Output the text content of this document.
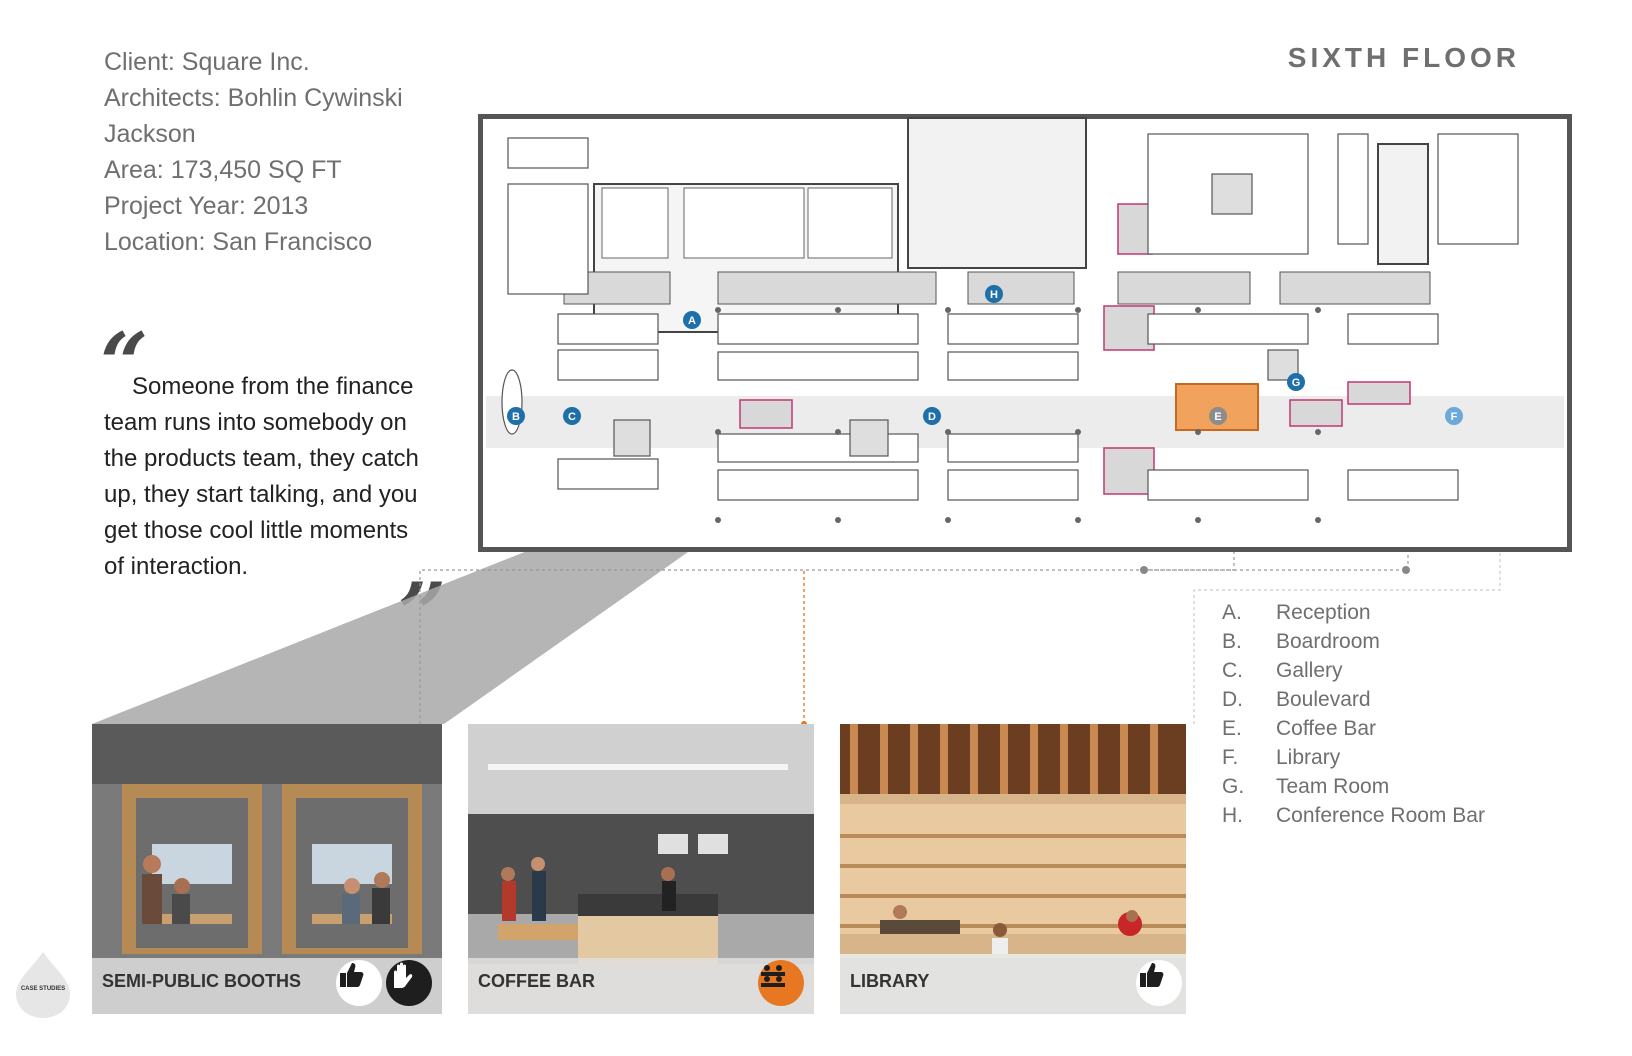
Client: Square Inc.
Architects: Bohlin Cywinski
Jackson
Area: 173,450 SQ FT
Project Year: 2013
Location: San Francisco
SIXTH FLOOR
“
Someone from the finance team runs into somebody on the products team, they catch up, they start talking, and you get those cool little moments of interaction.
A
B	C	D	E	F
G
H
A.	Reception
B.	Boardroom
C.	Gallery
D.	Boulevard
E.	Coffee Bar
F.	Library
G.	Team Room
H.	Conference Room Bar
SEMI-PUBLIC BOOTHS	COFFEE BAR	LIBRARY
CASE STUDIES
